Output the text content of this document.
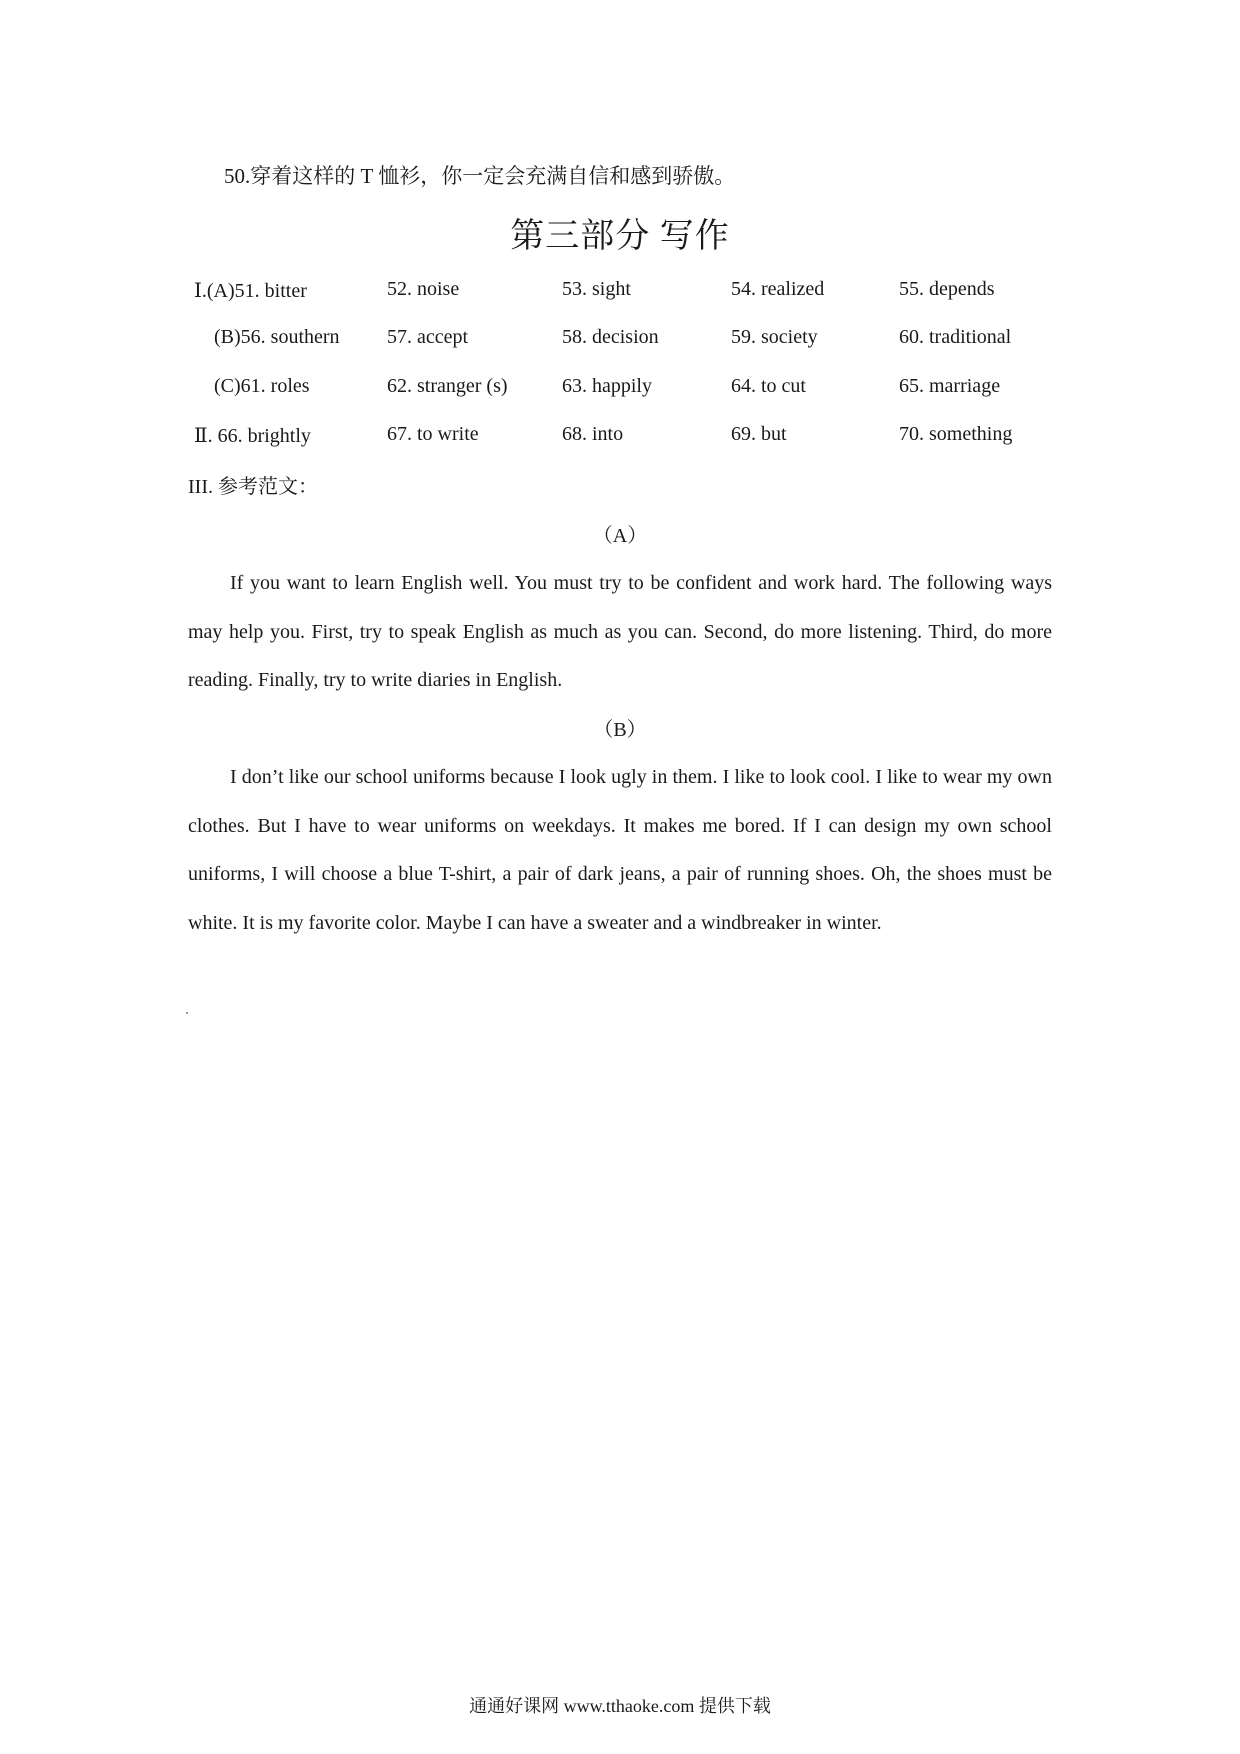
50.穿着这样的 T 恤衫，你一定会充满自信和感到骄傲。
第三部分 写作
Ⅰ.(A)51. bitter	52. noise	53. sight	54. realized	55. depends
(B)56. southern 57. accept	58. decision	59. society	60. traditional
(C)61. roles	62. stranger (s)	63. happily	64. to cut	65. marriage
Ⅱ. 66. brightly	67. to write	68. into	69. but	70. something
III. 参考范文：
（A）

If you want to learn English well. You must try to be confident and work hard. The following ways may help you. First, try to speak English as much as you can. Second, do more listening. Third, do more reading. Finally, try to write diaries in English.

（B）

I don’t like our school uniforms because I look ugly in them. I like to look cool. I like to wear my own clothes. But I have to wear uniforms on weekdays. It makes me bored. If I can design my own school uniforms, I will choose a blue T-shirt, a pair of dark jeans, a pair of running shoes. Oh, the shoes must be white. It is my favorite color. Maybe I can have a sweater and a windbreaker in winter.

通通好课网 www.tthaoke.com 提供下载
